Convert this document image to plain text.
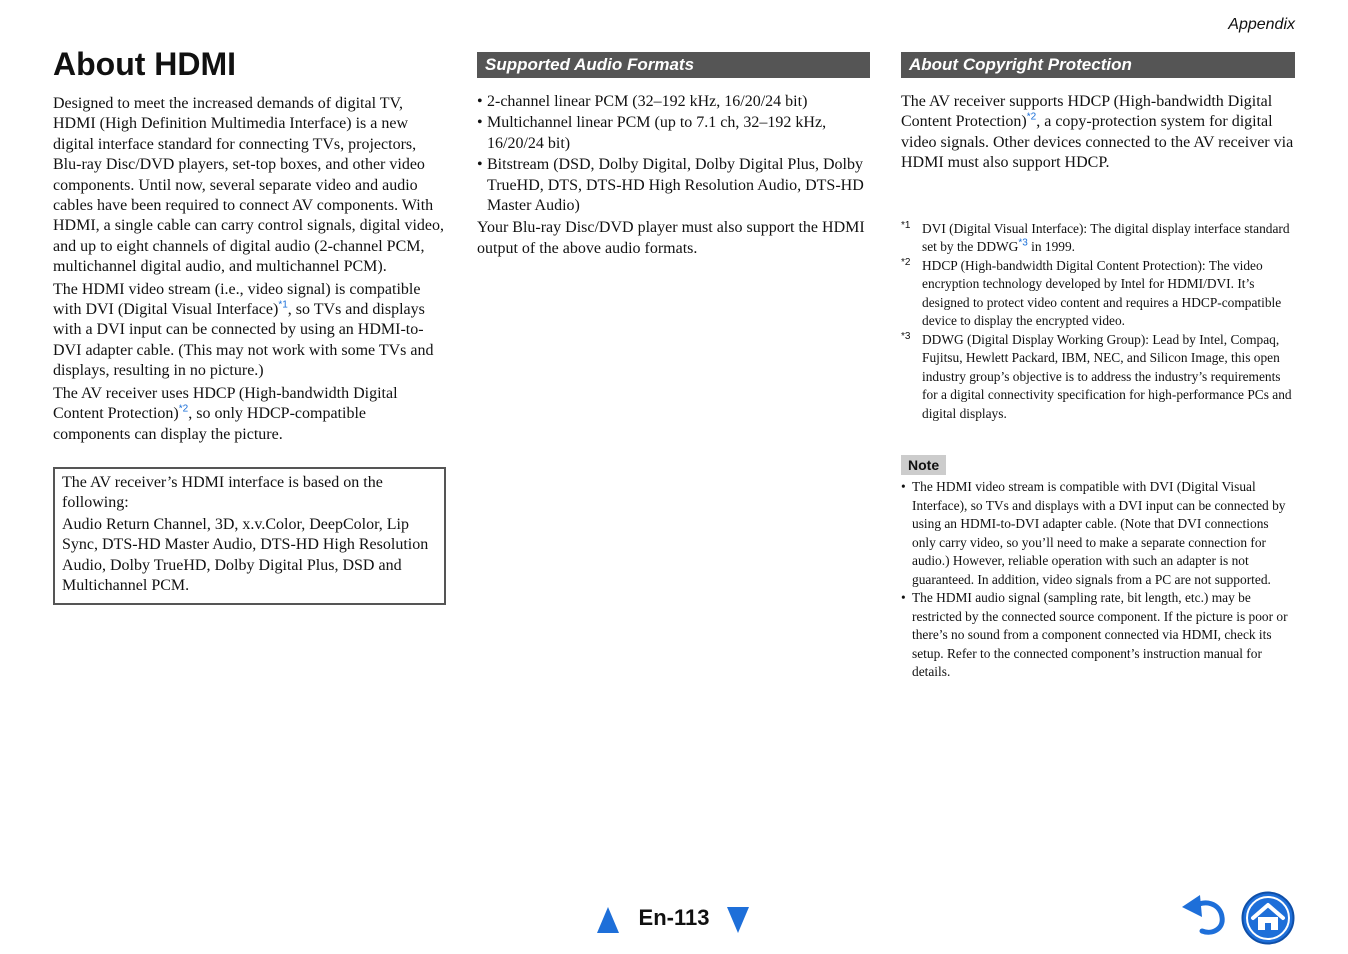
Appendix
About HDMI

Designed to meet the increased demands of digital TV, HDMI (High Definition Multimedia Interface) is a new digital interface standard for connecting TVs, projectors, Blu-ray Disc/DVD players, set-top boxes, and other video components. Until now, several separate video and audio cables have been required to connect AV components. With HDMI, a single cable can carry control signals, digital video, and up to eight channels of digital audio (2-channel PCM, multichannel digital audio, and multichannel PCM).

The HDMI video stream (i.e., video signal) is compatible with DVI (Digital Visual Interface)$^{*1}$, so TVs and displays with a DVI input can be connected by using an HDMI-to-DVI adapter cable. (This may not work with some TVs and displays, resulting in no picture.)

The AV receiver uses HDCP (High-bandwidth Digital Content Protection)$^{*2}$, so only HDCP-compatible components can display the picture.

The AV receiver’s HDMI interface is based on the following:

Audio Return Channel, 3D, x.v.Color, DeepColor, Lip Sync, DTS-HD Master Audio, DTS-HD High Resolution Audio, Dolby TrueHD, Dolby Digital Plus, DSD and Multichannel PCM.

Supported Audio Formats
• 2-channel linear PCM (32–192 kHz, 16/20/24 bit)
• Multichannel linear PCM (up to 7.1 ch, 32–192 kHz, 16/20/24 bit)
• Bitstream (DSD, Dolby Digital, Dolby Digital Plus, Dolby TrueHD, DTS, DTS-HD High Resolution Audio, DTS-HD Master Audio)

Your Blu-ray Disc/DVD player must also support the HDMI output of the above audio formats.

About Copyright Protection

The AV receiver supports HDCP (High-bandwidth Digital Content Protection)$^{*2}$, a copy-protection system for digital video signals. Other devices connected to the AV receiver via HDMI must also support HDCP.

*1 DVI (Digital Visual Interface): The digital display interface standard set by the DDWG$^{*3}$ in 1999.

*2 HDCP (High-bandwidth Digital Content Protection): The video encryption technology developed by Intel for HDMI/DVI. It’s designed to protect video content and requires a HDCP-compatible device to display the encrypted video.

*3 DDWG (Digital Display Working Group): Lead by Intel, Compaq, Fujitsu, Hewlett Packard, IBM, NEC, and Silicon Image, this open industry group’s objective is to address the industry’s requirements for a digital connectivity specification for high-performance PCs and digital displays.

Note
• The HDMI video stream is compatible with DVI (Digital Visual Interface), so TVs and displays with a DVI input can be connected by using an HDMI-to-DVI adapter cable. (Note that DVI connections only carry video, so you’ll need to make a separate connection for audio.) However, reliable operation with such an adapter is not guaranteed. In addition, video signals from a PC are not supported.
• The HDMI audio signal (sampling rate, bit length, etc.) may be restricted by the connected source component. If the picture is poor or there’s no sound from a component connected via HDMI, check its setup. Refer to the connected component’s instruction manual for details.
En-113
